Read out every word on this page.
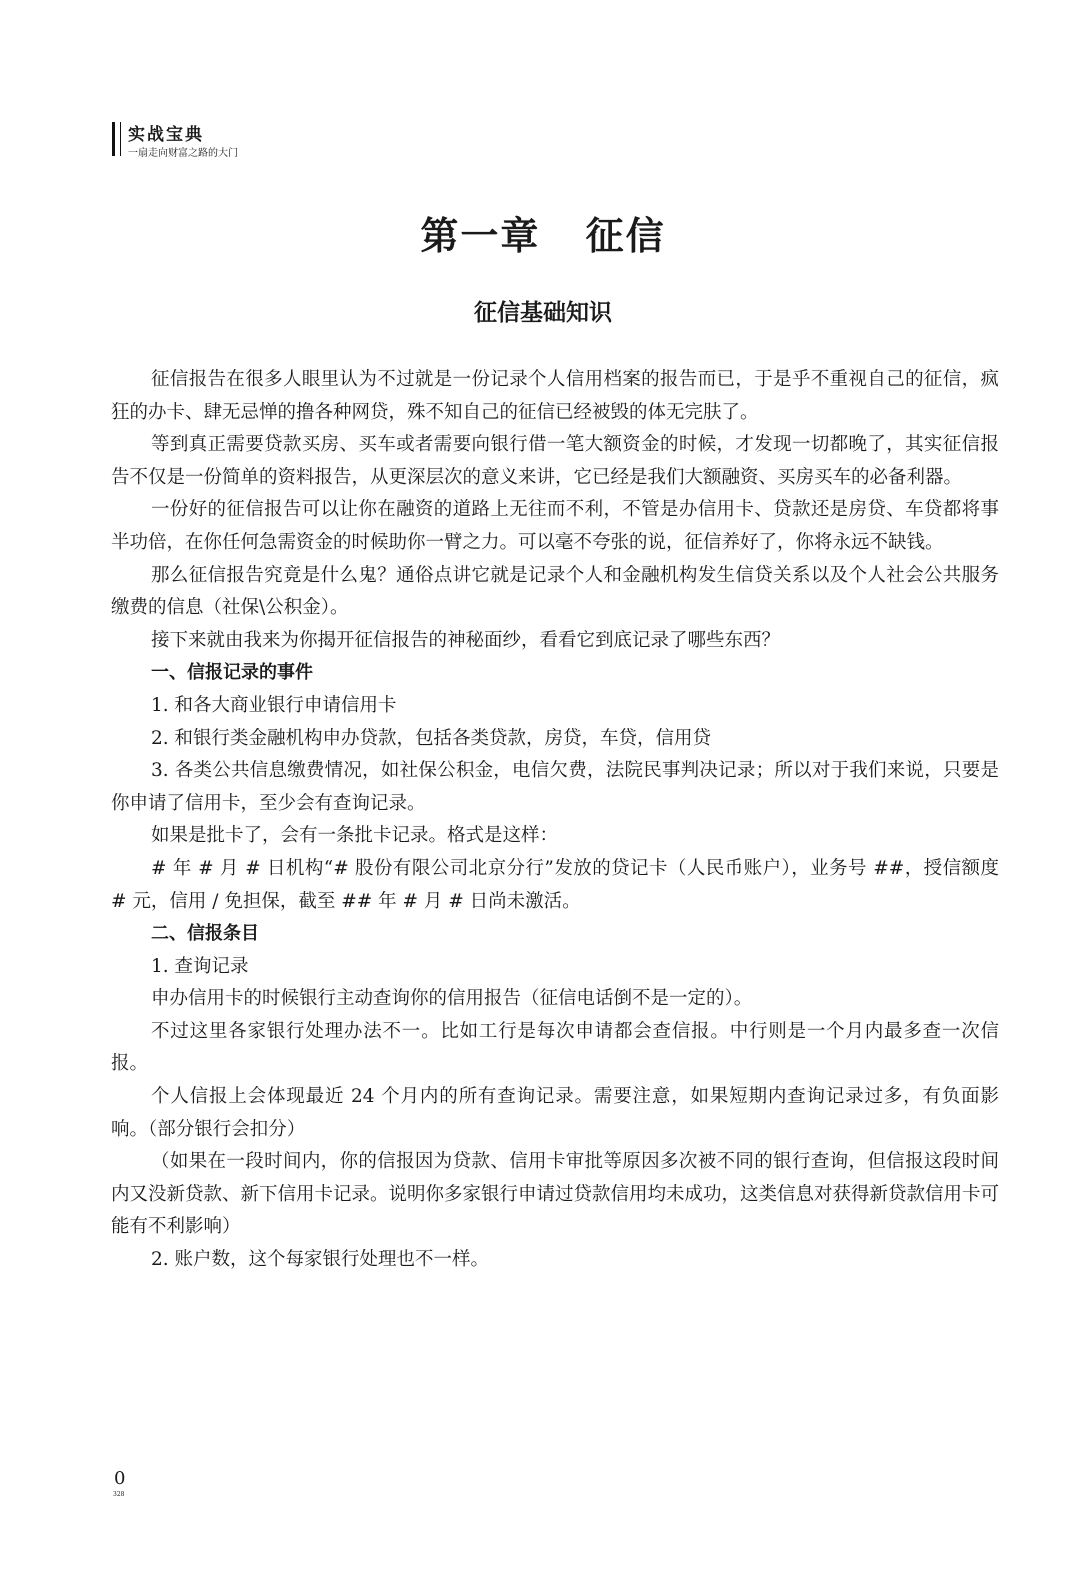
实战宝典
一扇走向财富之路的大门
第一章 征信
征信基础知识

征信报告在很多人眼里认为不过就是一份记录个人信用档案的报告而已，于是乎不重视自己的征信，疯狂的办卡、肆无忌惮的撸各种网贷，殊不知自己的征信已经被毁的体无完肤了。

等到真正需要贷款买房、买车或者需要向银行借一笔大额资金的时候，才发现一切都晚了，其实征信报告不仅是一份简单的资料报告，从更深层次的意义来讲，它已经是我们大额融资、买房买车的必备利器。

一份好的征信报告可以让你在融资的道路上无往而不利，不管是办信用卡、贷款还是房贷、车贷都将事半功倍，在你任何急需资金的时候助你一臂之力。可以毫不夸张的说，征信养好了，你将永远不缺钱。

那么征信报告究竟是什么鬼？通俗点讲它就是记录个人和金融机构发生信贷关系以及个人社会公共服务缴费的信息（社保\公积金）。

接下来就由我来为你揭开征信报告的神秘面纱，看看它到底记录了哪些东西？

一、信报记录的事件

1. 和各大商业银行申请信用卡

2. 和银行类金融机构申办贷款，包括各类贷款，房贷，车贷，信用贷

3. 各类公共信息缴费情况，如社保公积金，电信欠费，法院民事判决记录；所以对于我们来说，只要是你申请了信用卡，至少会有查询记录。

如果是批卡了，会有一条批卡记录。格式是这样：

# 年 # 月 # 日机构“# 股份有限公司北京分行”发放的贷记卡（人民币账户），业务号 ##，授信额度 # 元，信用 / 免担保，截至 ## 年 # 月 # 日尚未激活。

二、信报条目

1. 查询记录

申办信用卡的时候银行主动查询你的信用报告（征信电话倒不是一定的）。

不过这里各家银行处理办法不一。比如工行是每次申请都会查信报。中行则是一个月内最多查一次信报。

个人信报上会体现最近 24 个月内的所有查询记录。需要注意，如果短期内查询记录过多，有负面影响。（部分银行会扣分）

（如果在一段时间内，你的信报因为贷款、信用卡审批等原因多次被不同的银行查询，但信报这段时间内又没新贷款、新下信用卡记录。说明你多家银行申请过贷款信用均未成功，这类信息对获得新贷款信用卡可能有不利影响）

2. 账户数，这个每家银行处理也不一样。

0
328
